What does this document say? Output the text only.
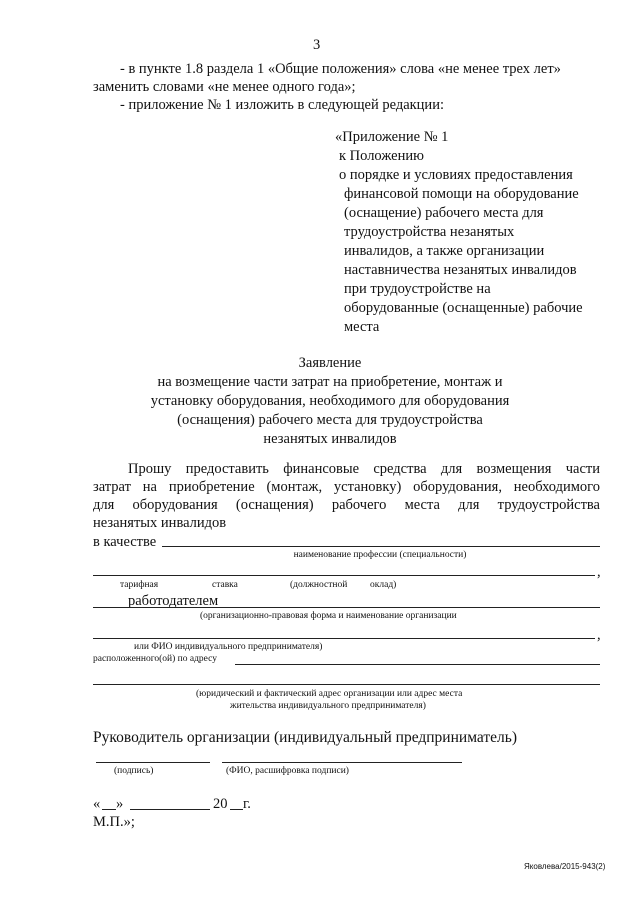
3
- в пункте 1.8 раздела 1 «Общие положения» слова «не менее трех лет»
заменить словами «не менее одного года»;
- приложение № 1 изложить в следующей редакции:
«Приложение № 1
к Положению
о порядке и условиях предоставления
финансовой помощи на оборудование
(оснащение) рабочего места для
трудоустройства незанятых
инвалидов, а также организации
наставничества незанятых инвалидов
при трудоустройстве на
оборудованные (оснащенные) рабочие
места
Заявление
на возмещение части затрат на приобретение, монтаж и
установку оборудования, необходимого для оборудования
(оснащения) рабочего места для трудоустройства
незанятых инвалидов
Прошу предоставить финансовые средства для возмещения части
затрат на приобретение (монтаж, установку) оборудования, необходимого
для оборудования (оснащения) рабочего места для трудоустройства
незанятых инвалидов
в качестве
наименование профессии (специальности)
,
тарифная	ставка	(должностной оклад)
работодателем
(организационно-правовая форма и наименование организации
,
или ФИО индивидуального предпринимателя)
расположенного(ой) по адресу
(юридический и фактический адрес организации или адрес места
жительства индивидуального предпринимателя)
Руководитель организации (индивидуальный предприниматель)
(подпись)	(ФИО, расшифровка подписи)
« »	20 г.
М.П.»;
Яковлева/2015-943(2)
